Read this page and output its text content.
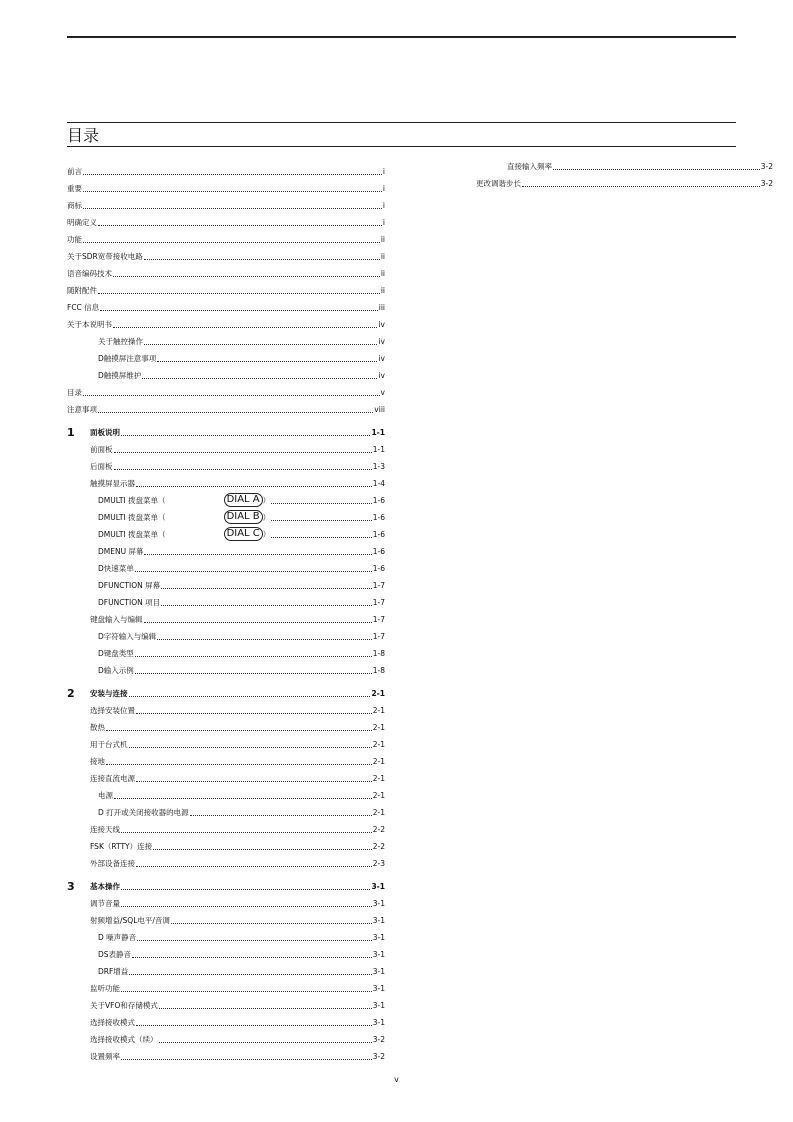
目录
前言	i
重要	i
商标	i
明确定义	i
功能	ii
关于SDR宽带接收电路	ii
语音编码技术	ii
随附配件	ii
FCC 信息	iii
关于本说明书	iv
关于触控操作	iv
D触摸屏注意事项	iv
D触摸屏维护	iv
目录	v
注意事项	viii
1	面板说明	1-1
前面板	1-1
后面板	1-3
触摸屏显示器	1-4
DMULTI 拨盘菜单（	DIAL A ）	1-6
DMULTI 拨盘菜单（	DIAL B ）	1-6
DMULTI 拨盘菜单（	DIAL C ）	1-6
DMENU 屏幕	1-6
D快速菜单	1-6
DFUNCTION 屏幕	1-7
DFUNCTION 项目	1-7
键盘输入与编辑	1-7
D字符输入与编辑	1-7
D键盘类型	1-8
D输入示例	1-8
2	安装与连接	2-1
选择安装位置	2-1
散热	2-1
用于台式机	2-1
接地	2-1
连接直流电源	2-1
电源	2-1
D 打开或关闭接收器的电源	2-1
连接天线	2-2
FSK（RTTY）连接	2-2
外部设备连接	2-3
3	基本操作	3-1
调节音量	3-1
射频增益/SQL电平/音调	3-1
D 噪声静音	3-1
DS表静音	3-1
DRF增益	3-1
监听功能	3-1
关于VFO和存储模式	3-1
选择接收模式	3-1
选择接收模式（续）	3-2
设置频率	3-2
直接输入频率	3-2
更改调谐步长	3-2
v
